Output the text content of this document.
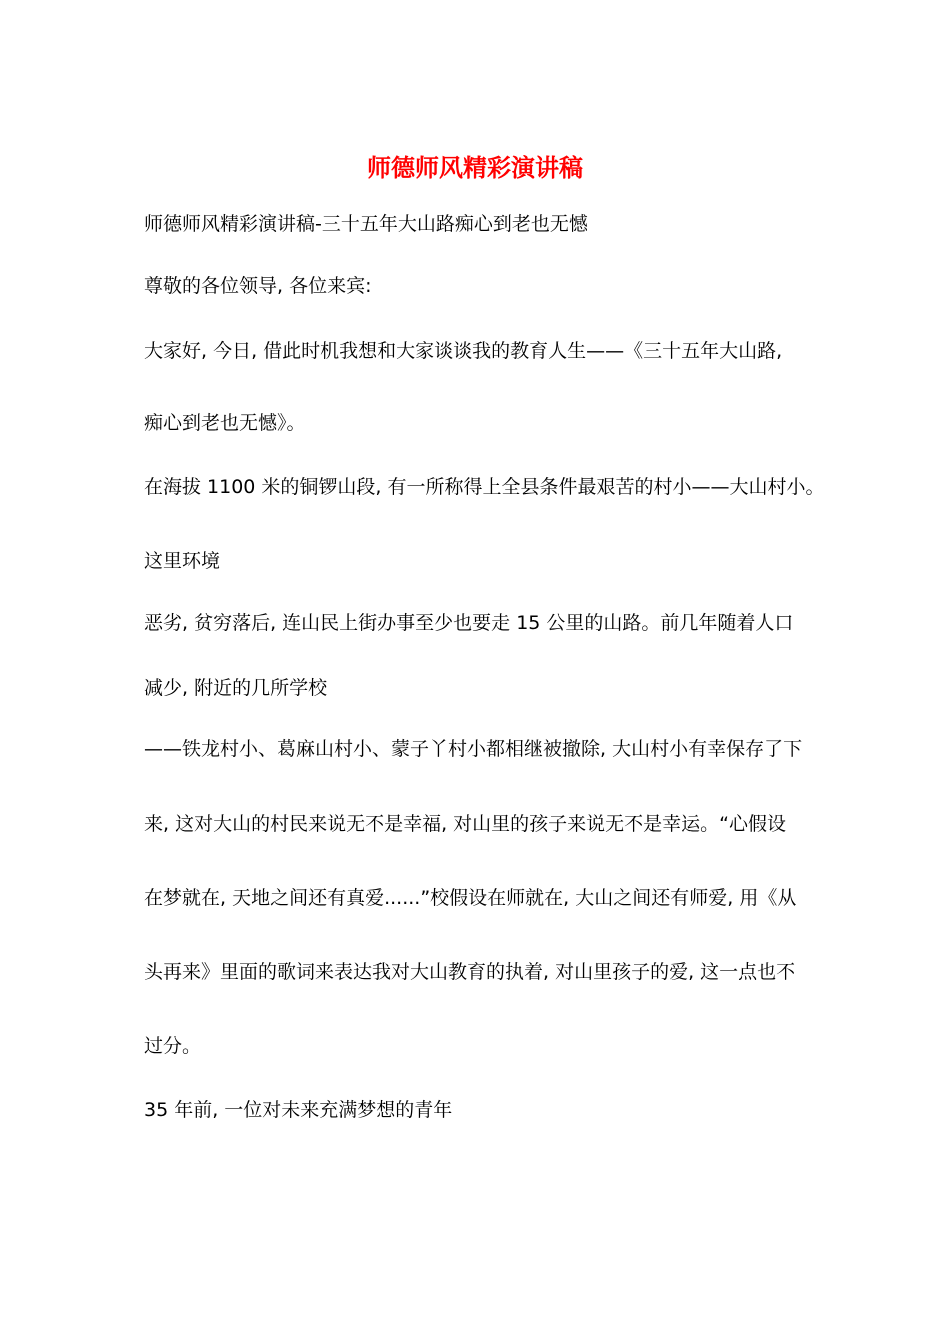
师德师风精彩演讲稿
师德师风精彩演讲稿-三十五年大山路痴心到老也无憾
尊敬的各位领导, 各位来宾:
大家好, 今日, 借此时机我想和大家谈谈我的教育人生——《三十五年大山路,
痴心到老也无憾》。
在海拔 1100 米的铜锣山段, 有一所称得上全县条件最艰苦的村小——大山村小。
这里环境
恶劣, 贫穷落后, 连山民上街办事至少也要走 15 公里的山路。前几年随着人口
减少, 附近的几所学校
——铁龙村小、葛麻山村小、蒙子丫村小都相继被撤除, 大山村小有幸保存了下
来, 这对大山的村民来说无不是幸福, 对山里的孩子来说无不是幸运。“心假设
在梦就在, 天地之间还有真爱......”校假设在师就在, 大山之间还有师爱, 用《从
头再来》里面的歌词来表达我对大山教育的执着, 对山里孩子的爱, 这一点也不
过分。
35 年前, 一位对未来充满梦想的青年
